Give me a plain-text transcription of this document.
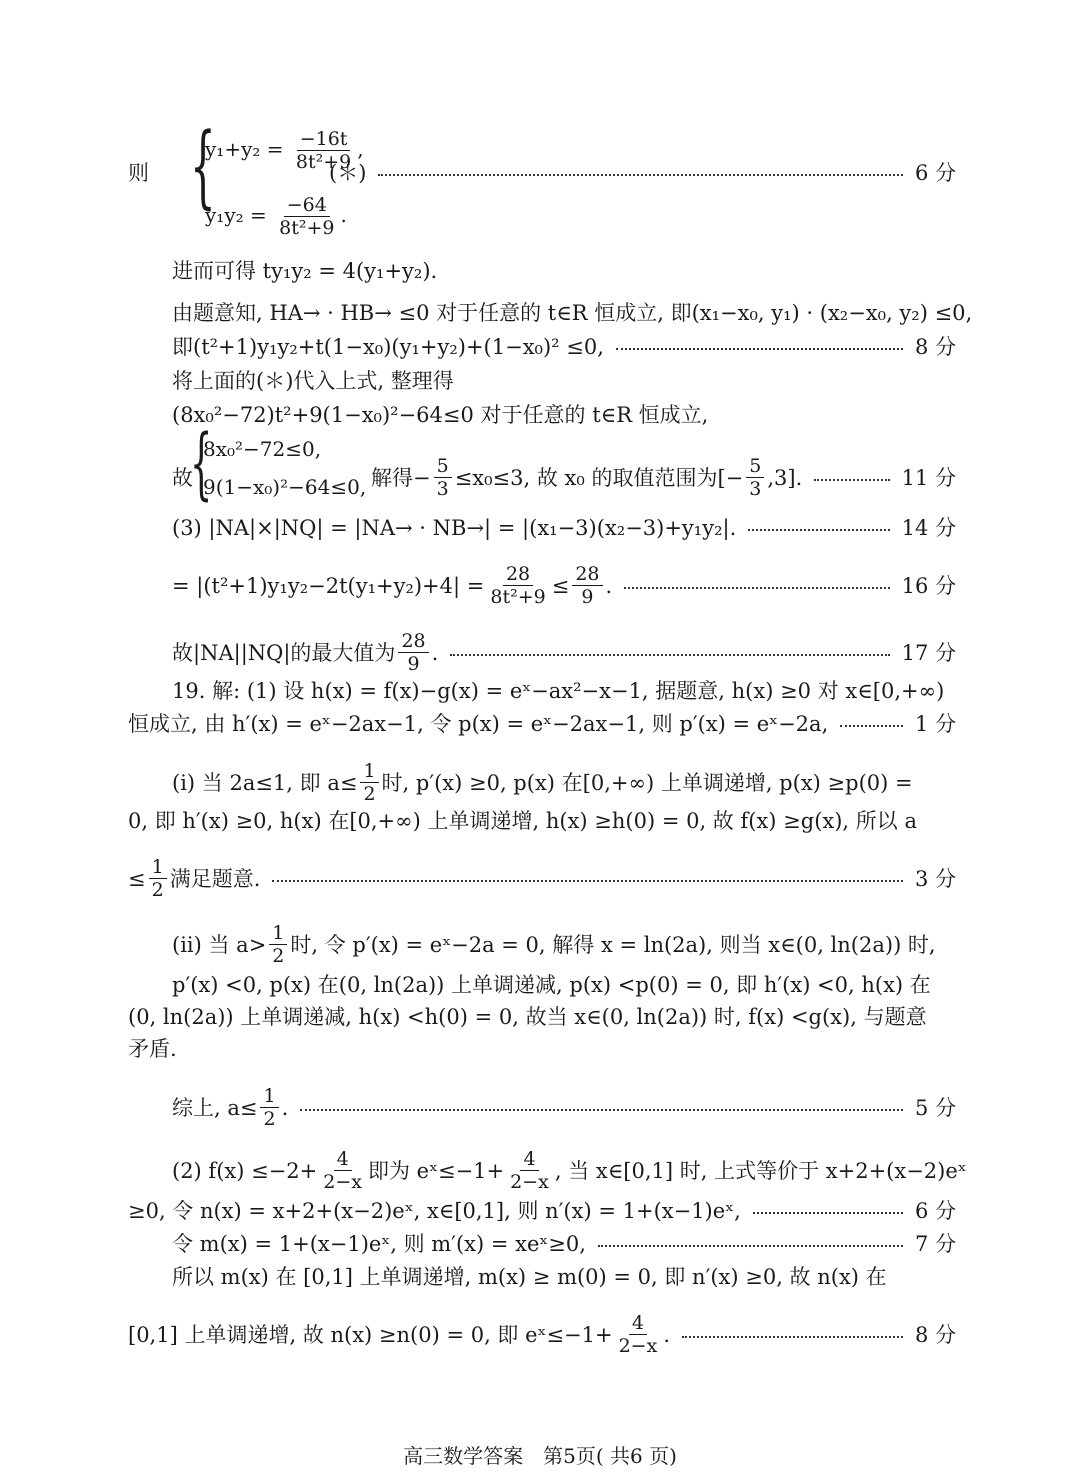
则	(＊)	6 分
{
$y_1+y_2 = \frac{-16t}{\text{8t²+9}}$ ,
$y_1y_2 = \frac{-64}{\text{8t²+9}}$ .
进而可得 ty₁y₂ = 4(y₁+y₂).
由题意知, HA→ · HB→ ≤0 对于任意的 t∈R 恒成立, 即(x₁−x₀, y₁) · (x₂−x₀, y₂) ≤0,
即(t²+1)y₁y₂+t(1−x₀)(y₁+y₂)+(1−x₀)² ≤0,	8 分
将上面的(＊)代入上式, 整理得
(8x₀²−72)t²+9(1−x₀)²−64≤0 对于任意的 t∈R 恒成立,
故	解得− $\frac{5}{3} \le x_0\le 3$, 故 x₀ 的取值范围为[− $\frac{5}{3} ,3$].	11 分
{
8x₀²−72≤0,
9(1−x₀)²−64≤0,
(3) |NA|×|NQ| = |NA→ · NB→| = |(x₁−3)(x₂−3)+y₁y₂|.	14 分
= $|(t^2+1)y_1y_2-2t(y_1+y_2)+4| = \frac{28}{\text{8t²+9}} \le \frac{28}{9}$ .	16 分
故|NA||NQ|的最大值为 $\frac{28}{9}$ .	17 分
19. 解: (1) 设 h(x) = f(x)−g(x) = eˣ−ax²−x−1, 据题意, h(x) ≥0 对 x∈[0,+∞)
恒成立, 由 h′(x) = eˣ−2ax−1, 令 p(x) = eˣ−2ax−1, 则 p′(x) = eˣ−2a,	1 分
(i) 当 2a≤1, 即 $a\le \frac{1}{2}$ 时, p′(x) ≥0, p(x) 在[0,+∞) 上单调递增, p(x) ≥p(0) =
0, 即 h′(x) ≥0, h(x) 在[0,+∞) 上单调递增, h(x) ≥h(0) = 0, 故 f(x) ≥g(x), 所以 a
≤ $\frac{1}{2}$ 满足题意.	3 分
(ii) 当 $a> \frac{1}{2}$ 时, 令 p′(x) = eˣ−2a = 0, 解得 x = ln(2a), 则当 x∈(0, ln(2a)) 时,
p′(x) <0, p(x) 在(0, ln(2a)) 上单调递减, p(x) <p(0) = 0, 即 h′(x) <0, h(x) 在
(0, ln(2a)) 上单调递减, h(x) <h(0) = 0, 故当 x∈(0, ln(2a)) 时, f(x) <g(x), 与题意
矛盾.
综上, $a\le \frac{1}{2}$ .	5 分
(2) $f(x) \le-2+ \frac{4}{2-x}$ 即为 eˣ≤−1+ $\frac{4}{2-x}$ , 当 x∈[0,1] 时, 上式等价于 x+2+(x−2)eˣ
≥0, 令 n(x) = x+2+(x−2)eˣ, x∈[0,1], 则 n′(x) = 1+(x−1)eˣ,	6 分
令 m(x) = 1+(x−1)eˣ, 则 m′(x) = xeˣ≥0,	7 分
所以 m(x) 在 [0,1] 上单调递增, m(x) ≥ m(0) = 0, 即 n′(x) ≥0, 故 n(x) 在
[0,1] 上单调递增, 故 n(x) ≥n(0) = 0, 即 eˣ≤−1+ $\frac{4}{2-x}$ .	8 分
高三数学答案　第5页( 共6 页)
